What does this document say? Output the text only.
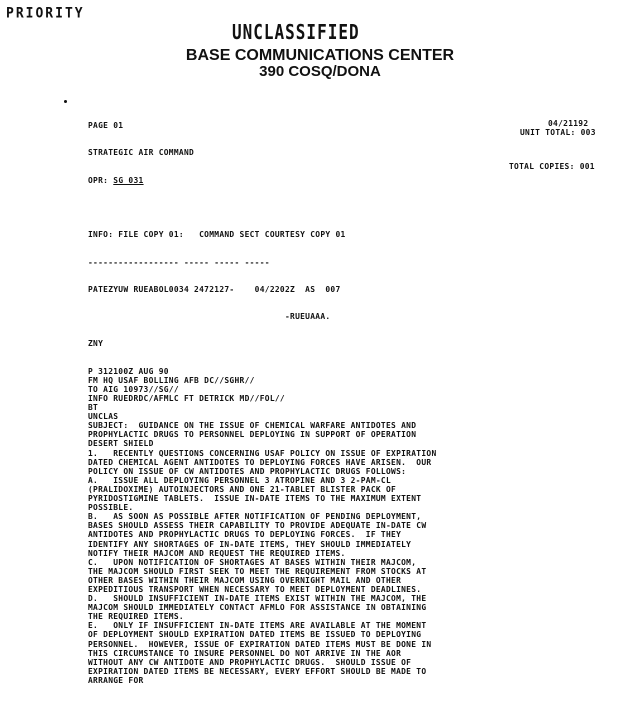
PRIORITY
UNCLASSIFIED
BASE COMMUNICATIONS CENTER
390 COSQ/DONA
04/21192
UNIT TOTAL: 003
TOTAL COPIES: 001

PAGE 01

STRATEGIC AIR COMMAND

OPR: SG 031

INFO: FILE COPY 01:   COMMAND SECT COURTESY COPY 01

------------------ ----- ----- -----

PATEZYUW RUEABOL0034 2472127-    04/2202Z  AS  007

-RUEUAAA.

ZNY

P 312100Z AUG 90
FM HQ USAF BOLLING AFB DC//SGHR//
TO AIG 10973//SG//
INFO RUEDRDC/AFMLC FT DETRICK MD//FOL//
BT
UNCLAS
SUBJECT:  GUIDANCE ON THE ISSUE OF CHEMICAL WARFARE ANTIDOTES AND
PROPHYLACTIC DRUGS TO PERSONNEL DEPLOYING IN SUPPORT OF OPERATION
DESERT SHIELD
1.   RECENTLY QUESTIONS CONCERNING USAF POLICY ON ISSUE OF EXPIRATION
DATED CHEMICAL AGENT ANTIDOTES TO DEPLOYING FORCES HAVE ARISEN.  OUR
POLICY ON ISSUE OF CW ANTIDOTES AND PROPHYLACTIC DRUGS FOLLOWS:
A.   ISSUE ALL DEPLOYING PERSONNEL 3 ATROPINE AND 3 2-PAM-CL
(PRALIDOXIME) AUTOINJECTORS AND ONE 21-TABLET BLISTER PACK OF
PYRIDOSTIGMINE TABLETS.  ISSUE IN-DATE ITEMS TO THE MAXIMUM EXTENT
POSSIBLE.
B.   AS SOON AS POSSIBLE AFTER NOTIFICATION OF PENDING DEPLOYMENT,
BASES SHOULD ASSESS THEIR CAPABILITY TO PROVIDE ADEQUATE IN-DATE CW
ANTIDOTES AND PROPHYLACTIC DRUGS TO DEPLOYING FORCES.  IF THEY
IDENTIFY ANY SHORTAGES OF IN-DATE ITEMS, THEY SHOULD IMMEDIATELY
NOTIFY THEIR MAJCOM AND REQUEST THE REQUIRED ITEMS.
C.   UPON NOTIFICATION OF SHORTAGES AT BASES WITHIN THEIR MAJCOM,
THE MAJCOM SHOULD FIRST SEEK TO MEET THE REQUIREMENT FROM STOCKS AT
OTHER BASES WITHIN THEIR MAJCOM USING OVERNIGHT MAIL AND OTHER
EXPEDITIOUS TRANSPORT WHEN NECESSARY TO MEET DEPLOYMENT DEADLINES.
D.   SHOULD INSUFFICIENT IN-DATE ITEMS EXIST WITHIN THE MAJCOM, THE
MAJCOM SHOULD IMMEDIATELY CONTACT AFMLO FOR ASSISTANCE IN OBTAINING
THE REQUIRED ITEMS.
E.   ONLY IF INSUFFICIENT IN-DATE ITEMS ARE AVAILABLE AT THE MOMENT
OF DEPLOYMENT SHOULD EXPIRATION DATED ITEMS BE ISSUED TO DEPLOYING
PERSONNEL.  HOWEVER, ISSUE OF EXPIRATION DATED ITEMS MUST BE DONE IN
THIS CIRCUMSTANCE TO INSURE PERSONNEL DO NOT ARRIVE IN THE AOR
WITHOUT ANY CW ANTIDOTE AND PROPHYLACTIC DRUGS.  SHOULD ISSUE OF
EXPIRATION DATED ITEMS BE NECESSARY, EVERY EFFORT SHOULD BE MADE TO
ARRANGE FOR
